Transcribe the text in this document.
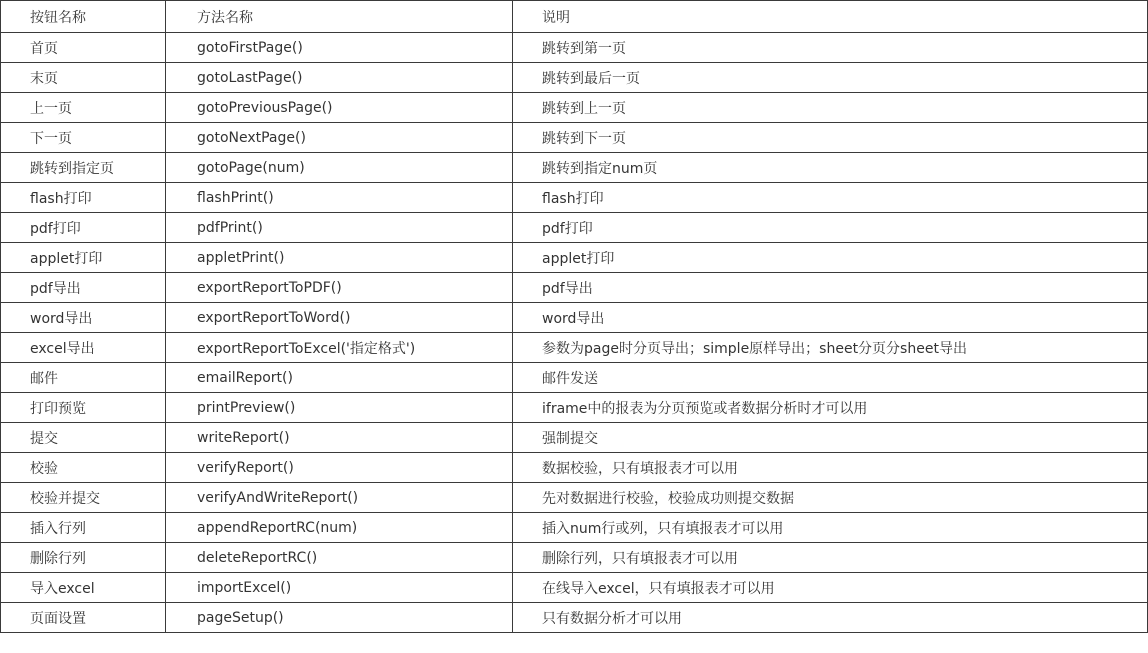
按钮名称	方法名称	说明
首页	gotoFirstPage()	跳转到第一页
末页	gotoLastPage()	跳转到最后一页
上一页	gotoPreviousPage()	跳转到上一页
下一页	gotoNextPage()	跳转到下一页
跳转到指定页	gotoPage(num)	跳转到指定num页
flash打印	flashPrint()	flash打印
pdf打印	pdfPrint()	pdf打印
applet打印	appletPrint()	applet打印
pdf导出	exportReportToPDF()	pdf导出
word导出	exportReportToWord()	word导出
excel导出	exportReportToExcel('指定格式')	参数为page时分页导出；simple原样导出；sheet分页分sheet导出
邮件	emailReport()	邮件发送
打印预览	printPreview()	iframe中的报表为分页预览或者数据分析时才可以用
提交	writeReport()	强制提交
校验	verifyReport()	数据校验，只有填报表才可以用
校验并提交	verifyAndWriteReport()	先对数据进行校验，校验成功则提交数据
插入行列	appendReportRC(num)	插入num行或列，只有填报表才可以用
删除行列	deleteReportRC()	删除行列，只有填报表才可以用
导入excel	importExcel()	在线导入excel，只有填报表才可以用
页面设置	pageSetup()	只有数据分析才可以用
